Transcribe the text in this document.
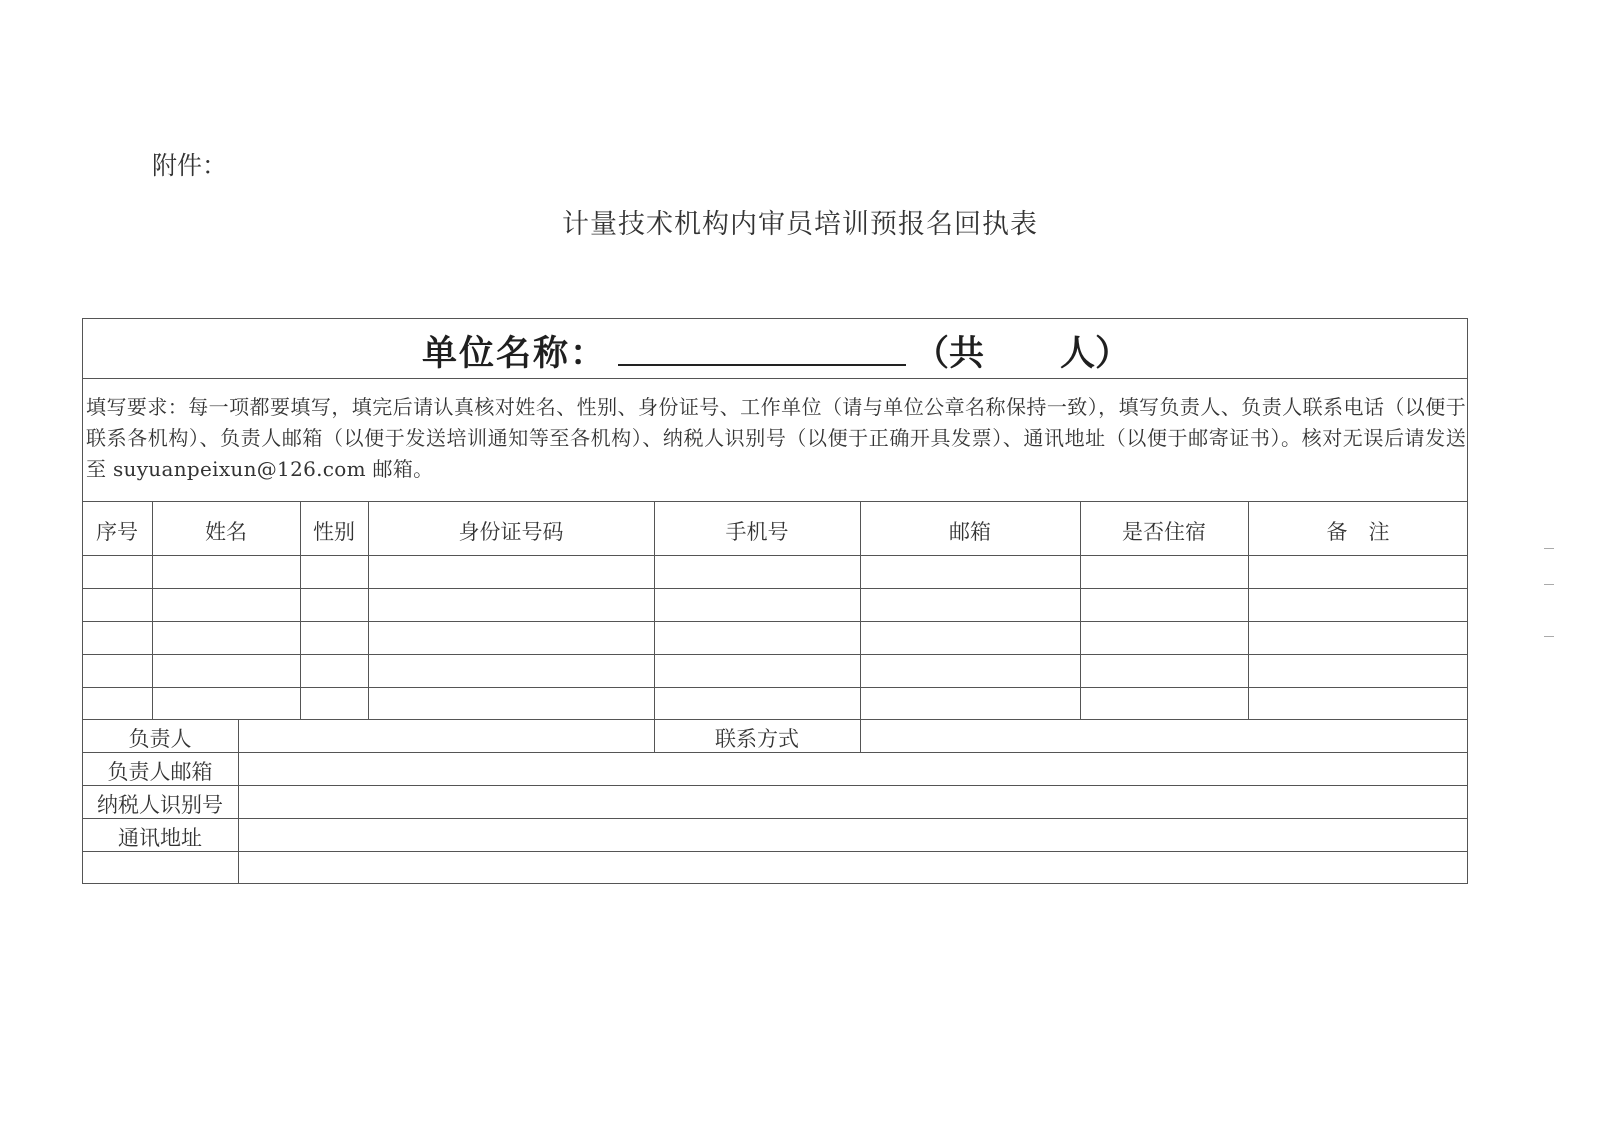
附件：
计量技术机构内审员培训预报名回执表
单位名称：	（共 人）
填写要求：每一项都要填写，填完后请认真核对姓名、性别、身份证号、工作单位（请与单位公章名称保持一致），填写负责人、负责人联系电话（以便于联系各机构）、负责人邮箱（以便于发送培训通知等至各机构）、纳税人识别号（以便于正确开具发票）、通讯地址（以便于邮寄证书）。核对无误后请发送至 suyuanpeixun@126.com 邮箱。
序号	姓名	性别	身份证号码	手机号	邮箱	是否住宿	备　注
负责人	联系方式
负责人邮箱
纳税人识别号
通讯地址
